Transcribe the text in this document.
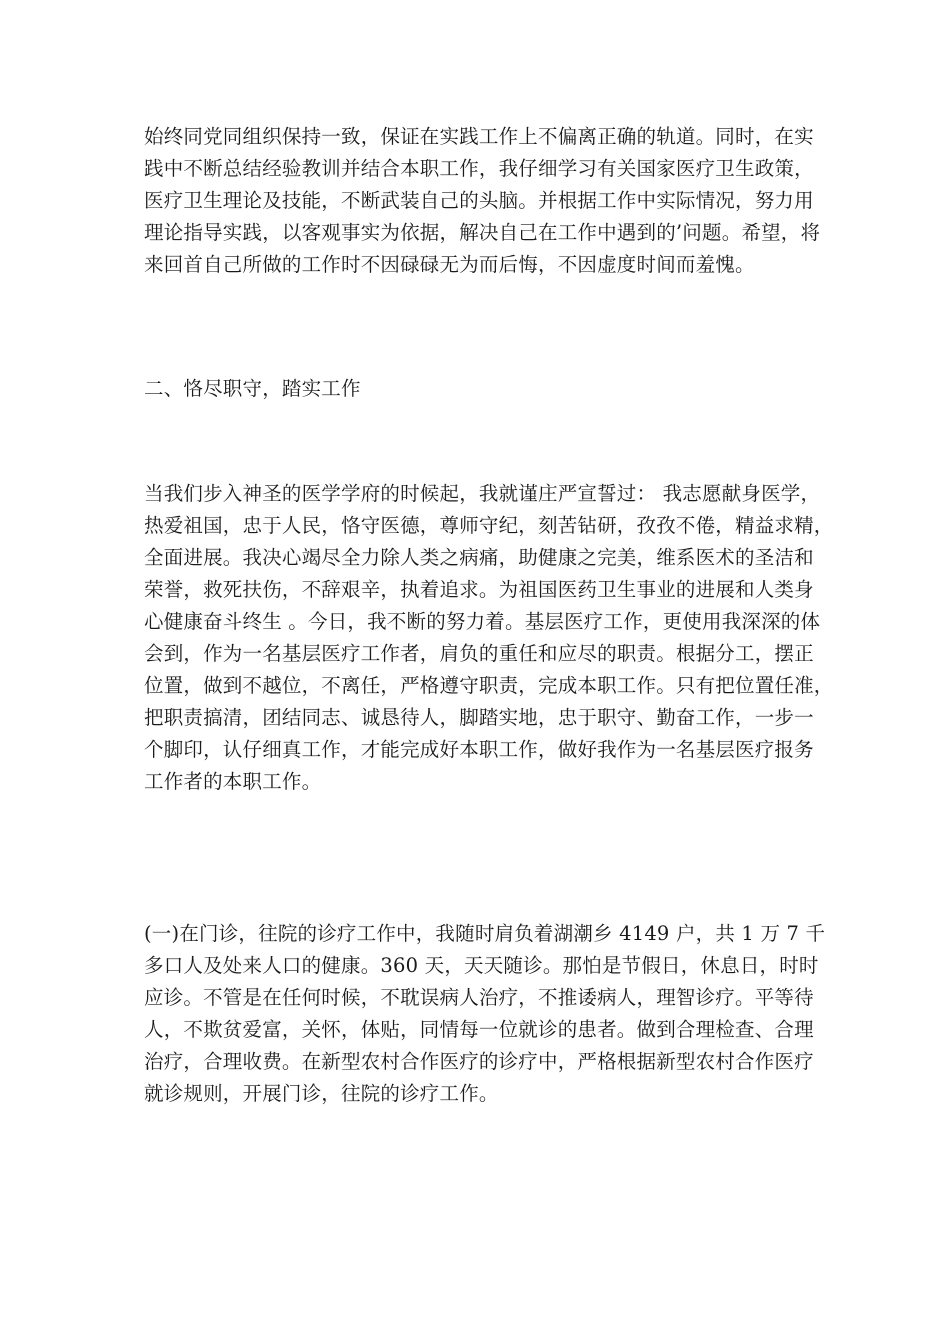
始终同党同组织保持一致，保证在实践工作上不偏离正确的轨道。同时，在实
践中不断总结经验教训并结合本职工作，我仔细学习有关国家医疗卫生政策，
医疗卫生理论及技能，不断武装自己的头脑。并根据工作中实际情况，努力用
理论指导实践，以客观事实为依据，解决自己在工作中遇到的’问题。希望，将
来回首自己所做的工作时不因碌碌无为而后悔，不因虚度时间而羞愧。
二、恪尽职守，踏实工作
当我们步入神圣的医学学府的时候起，我就谨庄严宣誓过： 我志愿献身医学，
热爱祖国，忠于人民，恪守医德，尊师守纪，刻苦钻研，孜孜不倦，精益求精，
全面进展。我决心竭尽全力除人类之病痛，助健康之完美，维系医术的圣洁和
荣誉，救死扶伤，不辞艰辛，执着追求。为祖国医药卫生事业的进展和人类身
心健康奋斗终生 。今日，我不断的努力着。基层医疗工作，更使用我深深的体
会到，作为一名基层医疗工作者，肩负的重任和应尽的职责。根据分工，摆正
位置，做到不越位，不离任，严格遵守职责，完成本职工作。只有把位置任准，
把职责搞清，团结同志、诚恳待人，脚踏实地，忠于职守、勤奋工作，一步一
个脚印，认仔细真工作，才能完成好本职工作，做好我作为一名基层医疗报务
工作者的本职工作。
(一)在门诊，往院的诊疗工作中，我随时肩负着湖潮乡 4149 户，共 1 万 7 千
多口人及处来人口的健康。360 天，天天随诊。那怕是节假日，休息日，时时
应诊。不管是在任何时候，不耽误病人治疗，不推诿病人，理智诊疗。平等待
人，不欺贫爱富，关怀，体贴，同情每一位就诊的患者。做到合理检查、合理
治疗，合理收费。在新型农村合作医疗的诊疗中，严格根据新型农村合作医疗
就诊规则，开展门诊，往院的诊疗工作。
